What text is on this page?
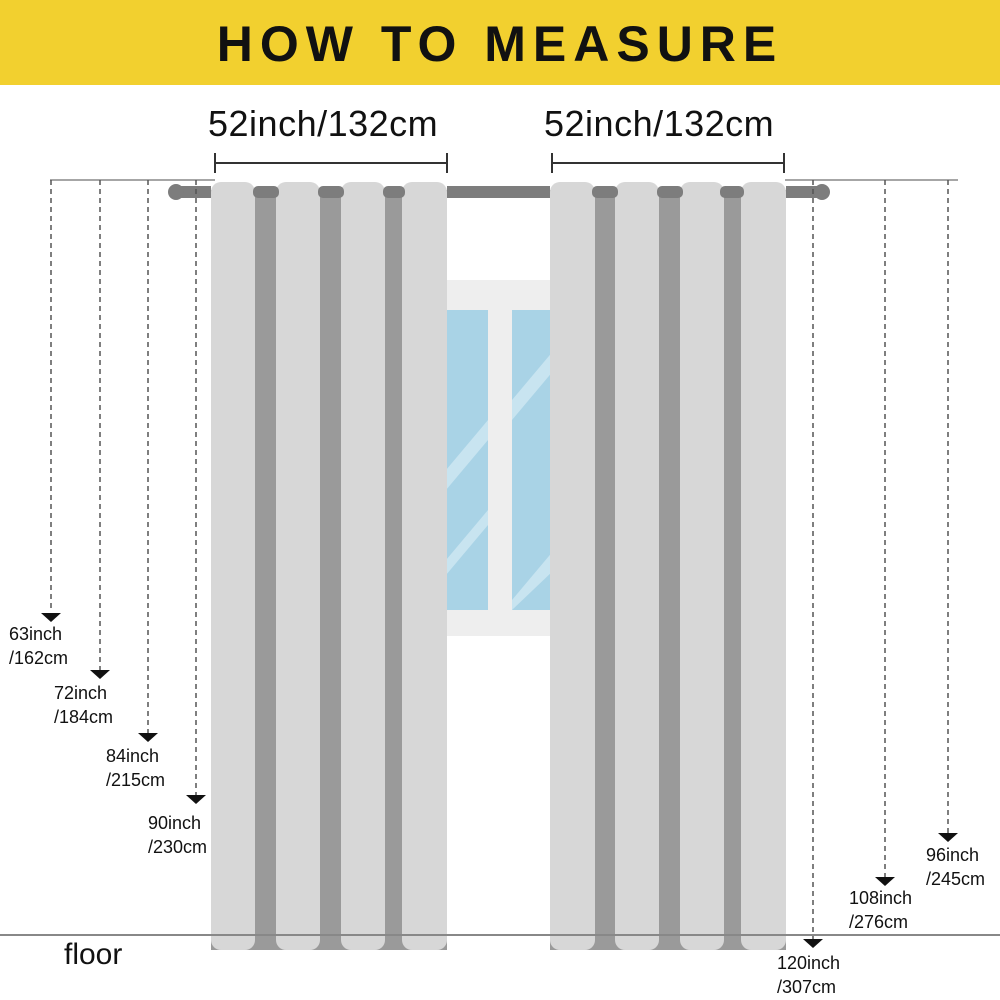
HOW TO MEASURE
52inch/132cm	52inch/132cm
63inch
/162cm
72inch
/184cm
84inch
/215cm
90inch
/230cm	96inch
/245cm
108inch
/276cm
120inch
/307cm
floor
